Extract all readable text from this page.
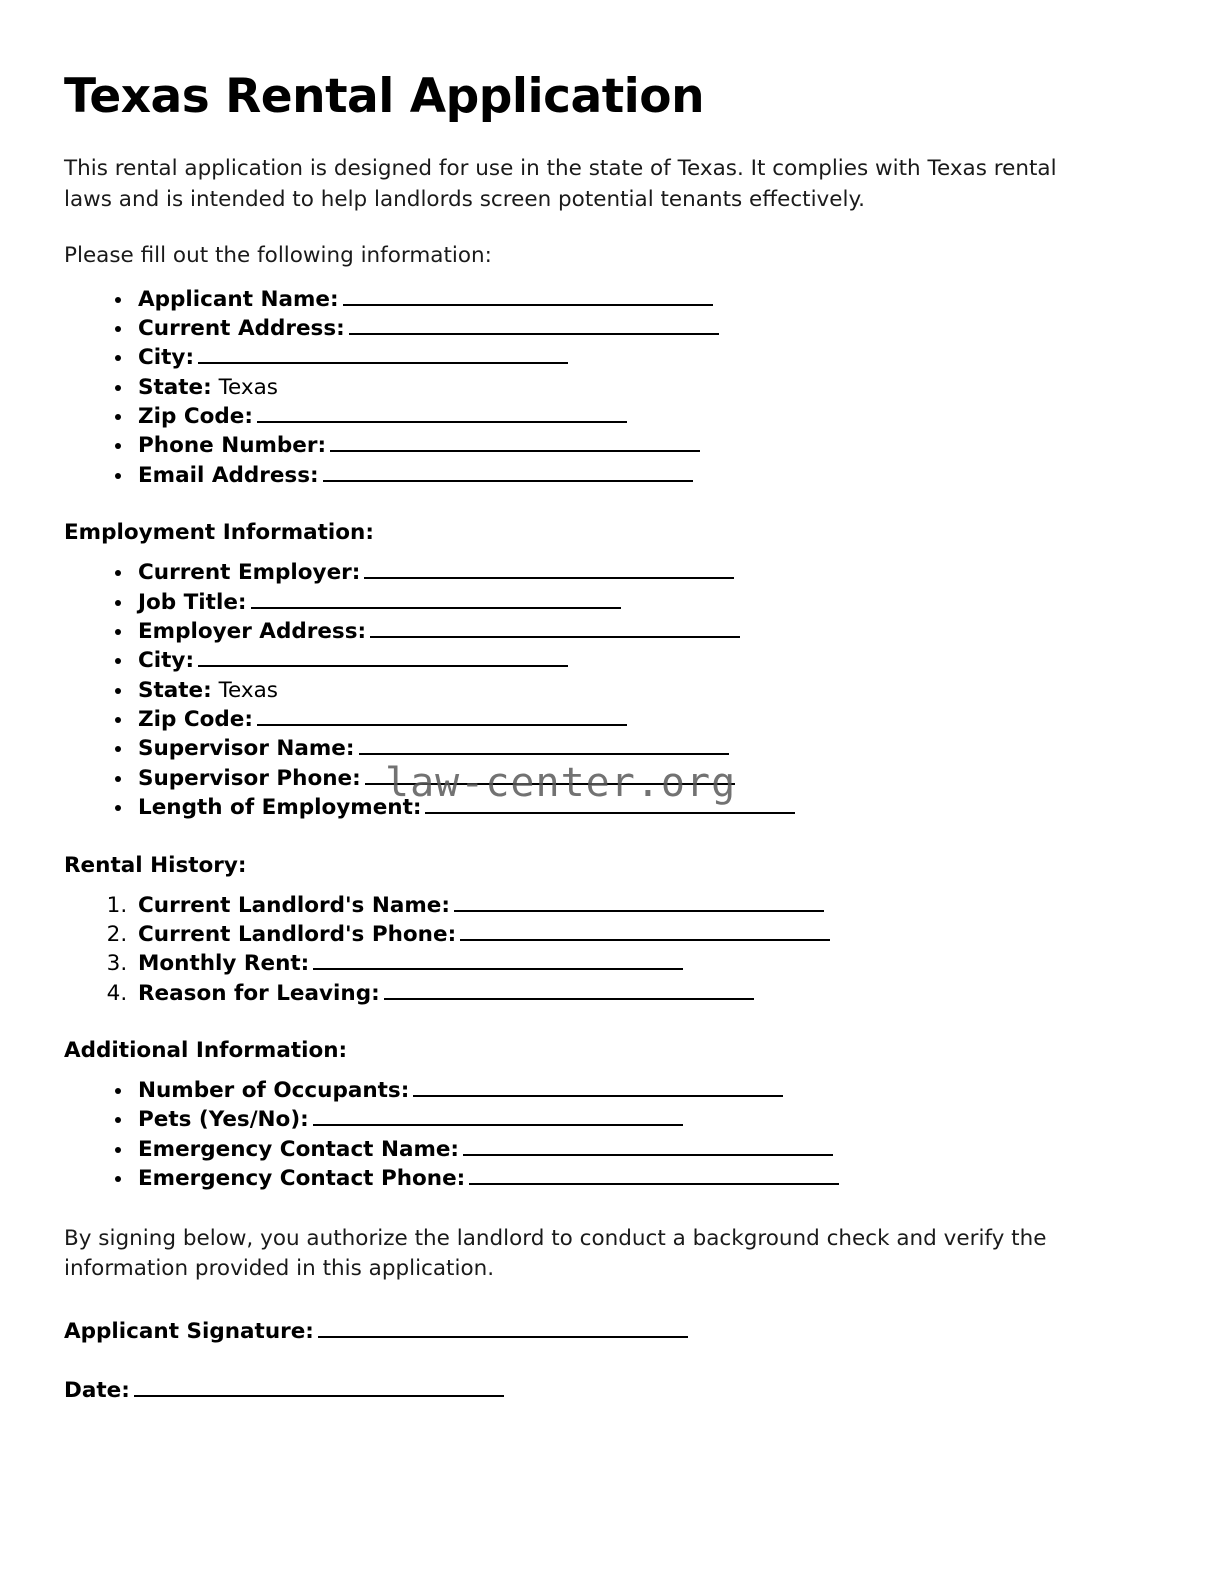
Texas Rental Application

This rental application is designed for use in the state of Texas. It complies with Texas rental laws and is intended to help landlords screen potential tenants effectively.

Please fill out the following information:

• Applicant Name:
• Current Address:
• City:
• State: Texas
• Zip Code:
• Phone Number:
• Email Address:
Employment Information:
• Current Employer:
• Job Title:
• Employer Address:
• City:
• State: Texas
• Zip Code:
• Supervisor Name:
• Supervisor Phone:
• Length of Employment:
Rental History:
1. Current Landlord's Name:
2. Current Landlord's Phone:
3. Monthly Rent:
4. Reason for Leaving:
Additional Information:
• Number of Occupants:
• Pets (Yes/No):
• Emergency Contact Name:
• Emergency Contact Phone:

By signing below, you authorize the landlord to conduct a background check and verify the information provided in this application.

Applicant Signature:
Date:
law-center.org
